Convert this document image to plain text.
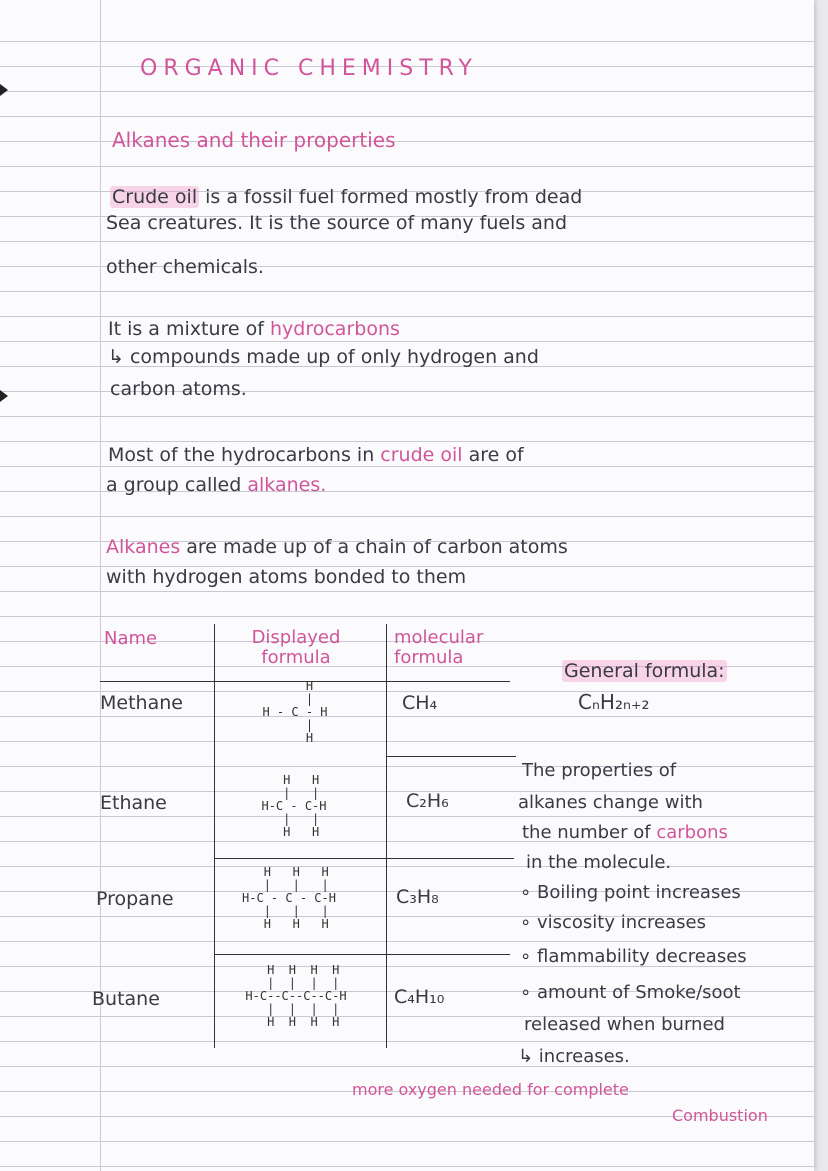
ORGANIC CHEMISTRY
Alkanes and their properties
Crude oil is a fossil fuel formed mostly from dead
Sea creatures. It is the source of many fuels and
other chemicals.
It is a mixture of hydrocarbons
↳ compounds made up of only hydrogen and
carbon atoms.
Most of the hydrocarbons in crude oil are of
a group called alkanes.
Alkanes are made up of a chain of carbon atoms
with hydrogen atoms bonded to them
Name	Displayed formula
molecular formula
Methane
H
|
H - C - H
|
H
CH₄
Ethane
H   H
|   |
H-C - C-H
|   |
H   H
C₂H₆
Propane
H   H   H
|   |   |
H-C - C - C-H
|   |   |
H   H   H
C₃H₈
Butane
H  H  H  H
|  |  |  |
H-C--C--C--C-H
|  |  |  |
H  H  H  H
C₄H₁₀
General formula:
CₙH₂ₙ₊₂
The properties of
alkanes change with
the number of carbons
in the molecule.
∘ Boiling point increases
∘ viscosity increases
∘ flammability decreases
∘ amount of Smoke/soot
released when burned
↳ increases.
more oxygen needed for complete
Combustion
